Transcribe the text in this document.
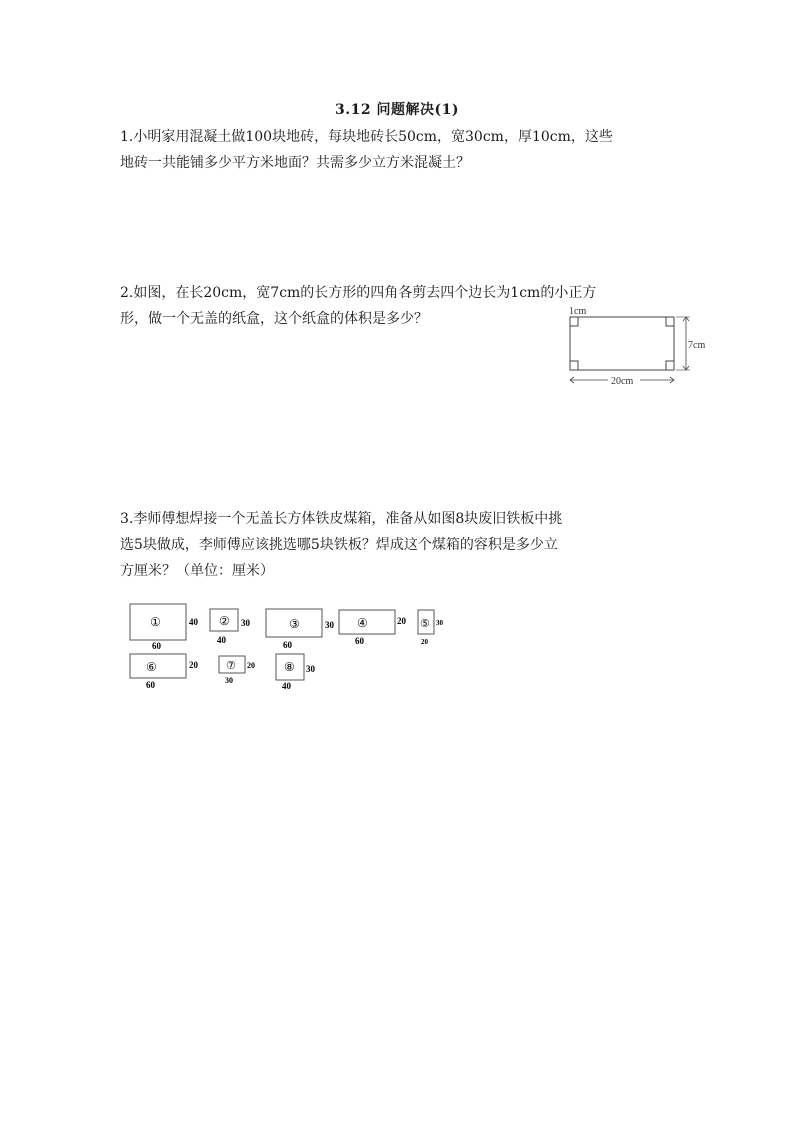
3.12 问题解决(1)
1.小明家用混凝土做100块地砖，每块地砖长50cm，宽30cm，厚10cm，这些
地砖一共能铺多少平方米地面？共需多少立方米混凝土？
2.如图，在长20cm，宽7cm的长方形的四角各剪去四个边长为1cm的小正方
形，做一个无盖的纸盒，这个纸盒的体积是多少？	1cm
7cm
20cm
3.李师傅想焊接一个无盖长方体铁皮煤箱，准备从如图8块废旧铁板中挑
选5块做成，李师傅应该挑选哪5块铁板？焊成这个煤箱的容积是多少立
方厘米？（单位：厘米）
①	40
60
② 30
40
③	30
60
④	20
60
⑤ 30
20
⑥	20
60
⑦ 20
30
⑧ 30
40
